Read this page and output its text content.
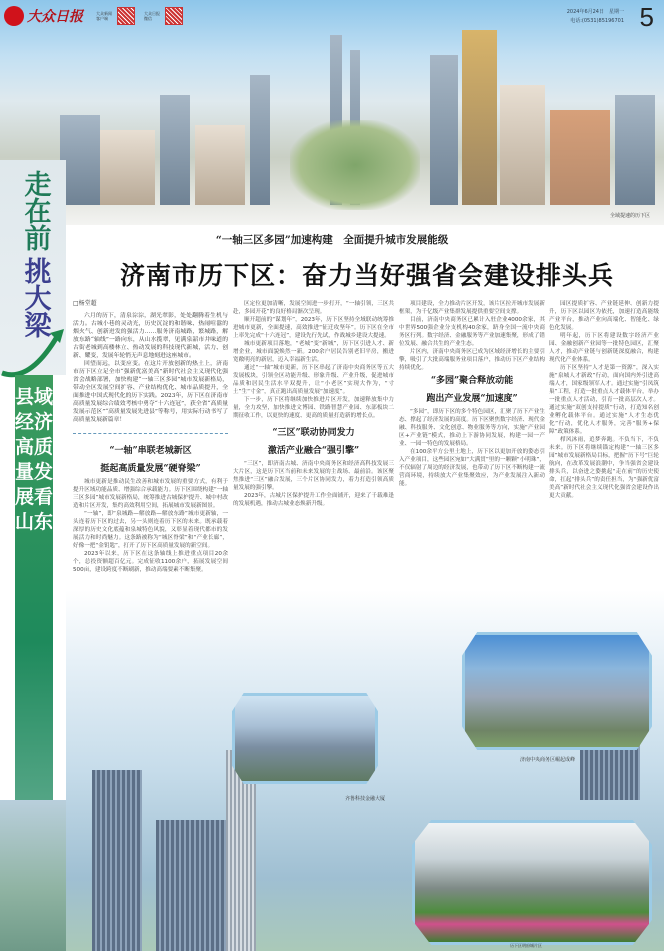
大众日报	大众新闻客户端
大众日报微信
2024年6月24日　星期一
电话:(0531)85196701 5
全域提速的历下区
走在前
挑大梁
县域经济高质量发展看山东
“一轴三区多园”加速构建　全面提升城市发展能级
济南市历下区：奋力当好强省会建设排头兵

□杨堂超

六月的历下，清泉淙淙，湖光翠影，处处翻腾着生机与活力。古城小巷的灵动光，历史沉淀的和谐味、热闹喧嚣的烟火气、创新迸发的强活力……服务济南城路，繁城路，解放东路“轴线”一路向东，从山水揽翠，见满泉韶市井味道的古街老城到高楼林立、热动发展的科技现代新城，活力、创新、耀变，发展年轮悄无声息地刻进这座城市。

回望而远，以变应变。在这片开放创新的热土上，济南市历下区立足全市“强新优富美高”新时代社会主义现代化强省会战略部署，加快构建“一轴三区多园”城市发展新格局，带动全区发展空间扩容、产业结构优化、城市品质提升，全面推进中国式现代化的历下实践。2023年，历下区在济南市高质量发展综合绩效考核中勇夺“十六连冠”，获全省“高质量发展示范区”“高质量发展先进县”等称号，用实际行动书写了高质量发展新篇章！

“一轴”串联老城新区

挺起高质量发展“硬脊梁”

城市更新是推动民生改善和城市发展的重要方式，有利于提升区域功能品质、增强综合承载能力。历下区围绕构建“一轴三区多园”城市发展新格局，统筹推进古城保护提升、城中村改造和片区开发，集约高效利用空间，拓展城市发展新图景。

“一轴”，即“泉城路—解放路—解放东路”城市更新轴，一头连着历下区的过去，另一头则连着历下区的未来。既承载着深厚的历史文化底蕴和泉城特色风貌，又彰显着现代都市的发展活力和时尚魅力。这条路被称为“城区脊梁”和“产业长廊”，好像一把“金钥匙”，打开了历下区高质量发展的新空间。

2023年以来，历下区在这条轴线上推进重点项目20余个，总投资额超百亿元。完成征收1100余户，拓展发展空间500亩，建设跨度不断刷新，推动高端要素不断集聚。

区定位更加清晰，发展空间进一步打开，“一轴引领，三区共赴，多园开花”的良好格局渐次呈现。

顺开超前的“谋划年”，2023年，历下区坚持全域联动统筹推进城市更新，全面提速，高效推进“征迁攻坚年”。历下区在全市上率先完成“十六连冠”，建设先行先试，作战城乡建设大提速。

城市更新项目落地，“老城”变“新城”，历下区引进人才、新增企业，城市面貌焕然一新。200余户居民告别老旧平房，搬进宽敞明亮的新居，迈入幸福新生活。

通过“一轴”城市更新，历下区串起了济南中央商务区等五大发展板块，引领全区功能升级、形象升级、产业升级，促进城市品质和居民生活水平双提升，让“小老区”实现大作为，“寸土”生“寸金”，真正跑出高质量发展“加速度”。

下一步，历下区将继续加快推进片区开发，加速释放集中力量，全力攻坚，加快推进文博园、铁路智慧产业园、东部板块二期征收工作，以更快的速度、更高的质量打造新的增长点。

“三区”联动协同发力

激活产业融合“强引擎”

“三区”，即济南古城、济南中央商务区和经济高科技发展三大片区，这是历下区当前和未来发展的主战场、最前沿。该区聚焦推进“三区”融合发展，三个片区协同发力，着力打造引领高质量发展的强引擎。

2023年，古城片区保护提升工作全面铺开，迎来了千载难逢的发展机遇，推动古城业态焕新升级。

项目建设，全力推动片区开发，该片区拉开城市发展新框架，为千亿级产业集群发展提供重要空间支撑。

目前，济南中央商务区已累计入驻企业4000余家，其中世界500强企业分支机构40余家，跻身全国一流中央商务区行列。数字经济、金融服务等产业加速集聚，形成了错位发展、融合共生的产业生态。

片区内，济南中央商务区已成为区域经济增长的主要引擎，吸引了大批高端服务业项目落户，推动历下区产业结构持续优化。

“多园”聚合释放动能

跑出产业发展“加速度”

“多园”，即历下区的多个特色园区，汇聚了历下产业生态、撑起了经济发展的高度。历下区聚焦数字经济、现代金融、科技服务、文化创意、物业服务等方向，实施“产业园区+产业链”模式，推动上下游协同发展，构建一园一产业、一园一特色的发展格局。

在100余平方公里土地上，历下区以更加开放的姿态引入产业项目，这些园区宛如“大满贯”里的一颗颗“小明珠”，不仅辐射了周边的经济发展，也带动了历下区不断构建一流营商环境，持续放大产业集聚效应，为产业发展注入新动能。

园区提质扩容、产业链延伸、创新力提升，历下区以园区为依托，加速打造高能级产业平台，推动产业向高端化、智能化、绿色化发展。

明年起，历下区将建设数字经济产业园、金融创新产业园等一批特色园区，汇聚人才，推动产业链与创新链深度融合，构建现代化产业体系。

历下区坚持“人才是第一资源”，深入实施“泉城人才新政”行动，面向国内外引进高端人才，国家级领军人才。通过实施“引凤筑巢”工程，打造一批重点人才载体平台，举办一批重点人才活动，引育一批高层次人才。通过实施“双创支持提质”行动，打造知名创业孵化载体平台。通过实施“人才生态优化”行动，优化人才服务，完善“服务+保障”政策体系。

栉风沐雨，追梦奔跑。不负当下，不负未来。历下区将继续锚定构建“一轴三区多园”城市发展新格局目标，把握“历下号”巨轮航向，在改革发展浪潮中，争当强省会建设排头兵，以奋进之姿挑起“走在前”的历史使命，扛起“排头兵”的责任担当，为“强新优富美高”新时代社会主义现代化强省会建设作出更大贡献。

齐鲁科技金融大厦
济南中央商务区崛起成峰
历下区明府城片区
